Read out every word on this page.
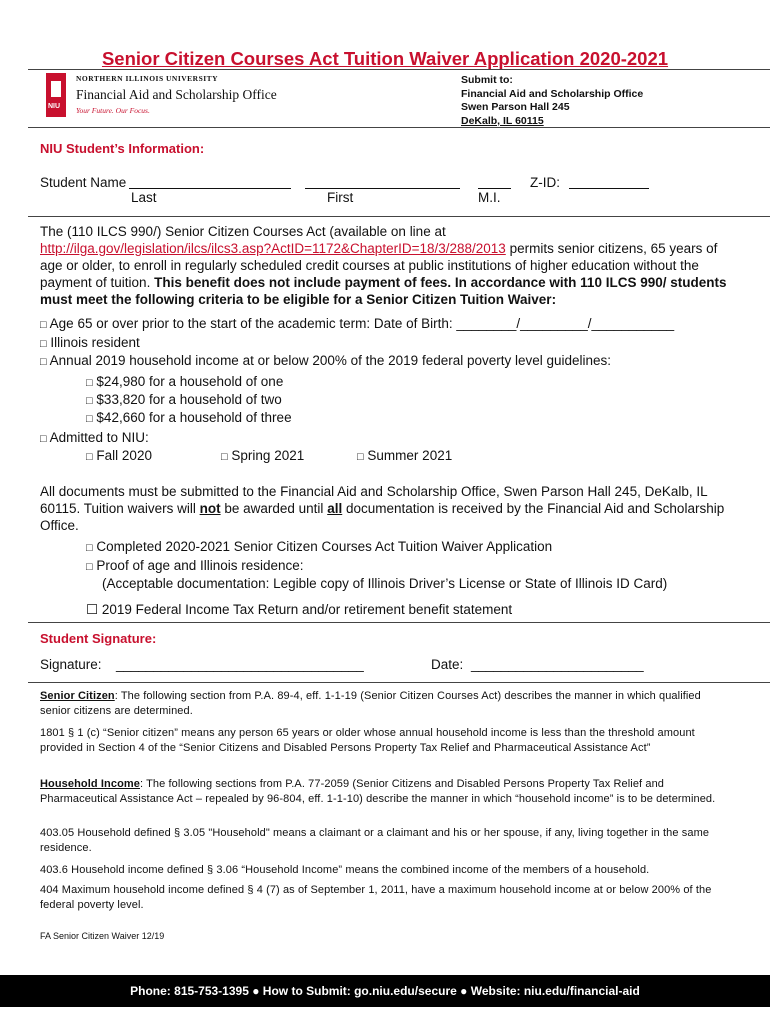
Senior Citizen Courses Act Tuition Waiver Application 2020-2021
NIU
NORTHERN ILLINOIS UNIVERSITY
Financial Aid and Scholarship Office
Your Future. Our Focus.
Submit to:
Financial Aid and Scholarship Office
Swen Parson Hall 245
DeKalb, IL 60115
NIU Student’s Information:
Student Name	Z-ID:
Last	First	M.I.
The (110 ILCS 990/) Senior Citizen Courses Act (available on line at
http://ilga.gov/legislation/ilcs/ilcs3.asp?ActID=1172&ChapterID=18/3/288/2013 permits senior citizens, 65 years of age or older, to enroll in regularly scheduled credit courses at public institutions of higher education without the payment of tuition. This benefit does not include payment of fees. In accordance with 110 ILCS 990/ students must meet the following criteria to be eligible for a Senior Citizen Tuition Waiver:
□ Age 65 or over prior to the start of the academic term: Date of Birth: ________/_________/___________
□ Illinois resident
□ Annual 2019 household income at or below 200% of the 2019 federal poverty level guidelines:
□ $24,980 for a household of one
□ $33,820 for a household of two
□ $42,660 for a household of three
□ Admitted to NIU:
□ Fall 2020	□ Spring 2021	□ Summer 2021
All documents must be submitted to the Financial Aid and Scholarship Office, Swen Parson Hall 245, DeKalb, IL 60115. Tuition waivers will not be awarded until all documentation is received by the Financial Aid and Scholarship Office.
□ Completed 2020-2021 Senior Citizen Courses Act Tuition Waiver Application
□ Proof of age and Illinois residence:
(Acceptable documentation: Legible copy of Illinois Driver’s License or State of Illinois ID Card)
☐ 2019 Federal Income Tax Return and/or retirement benefit statement
Student Signature:
Signature: _________________________________	Date: _______________________
Senior Citizen: The following section from P.A. 89-4, eff. 1-1-19 (Senior Citizen Courses Act) describes the manner in which qualified senior citizens are determined.
1801 § 1 (c) “Senior citizen” means any person 65 years or older whose annual household income is less than the threshold amount provided in Section 4 of the “Senior Citizens and Disabled Persons Property Tax Relief and Pharmaceutical Assistance Act”
Household Income: The following sections from P.A. 77-2059 (Senior Citizens and Disabled Persons Property Tax Relief and Pharmaceutical Assistance Act – repealed by 96-804, eff. 1-1-10) describe the manner in which “household income” is to be determined.
403.05 Household defined § 3.05 "Household" means a claimant or a claimant and his or her spouse, if any, living together in the same residence.
403.6 Household income defined § 3.06 “Household Income” means the combined income of the members of a household.
404 Maximum household income defined § 4 (7) as of September 1, 2011, have a maximum household income at or below 200% of the federal poverty level.
FA Senior Citizen Waiver 12/19
Phone: 815-753-1395 ● How to Submit: go.niu.edu/secure ● Website: niu.edu/financial-aid
